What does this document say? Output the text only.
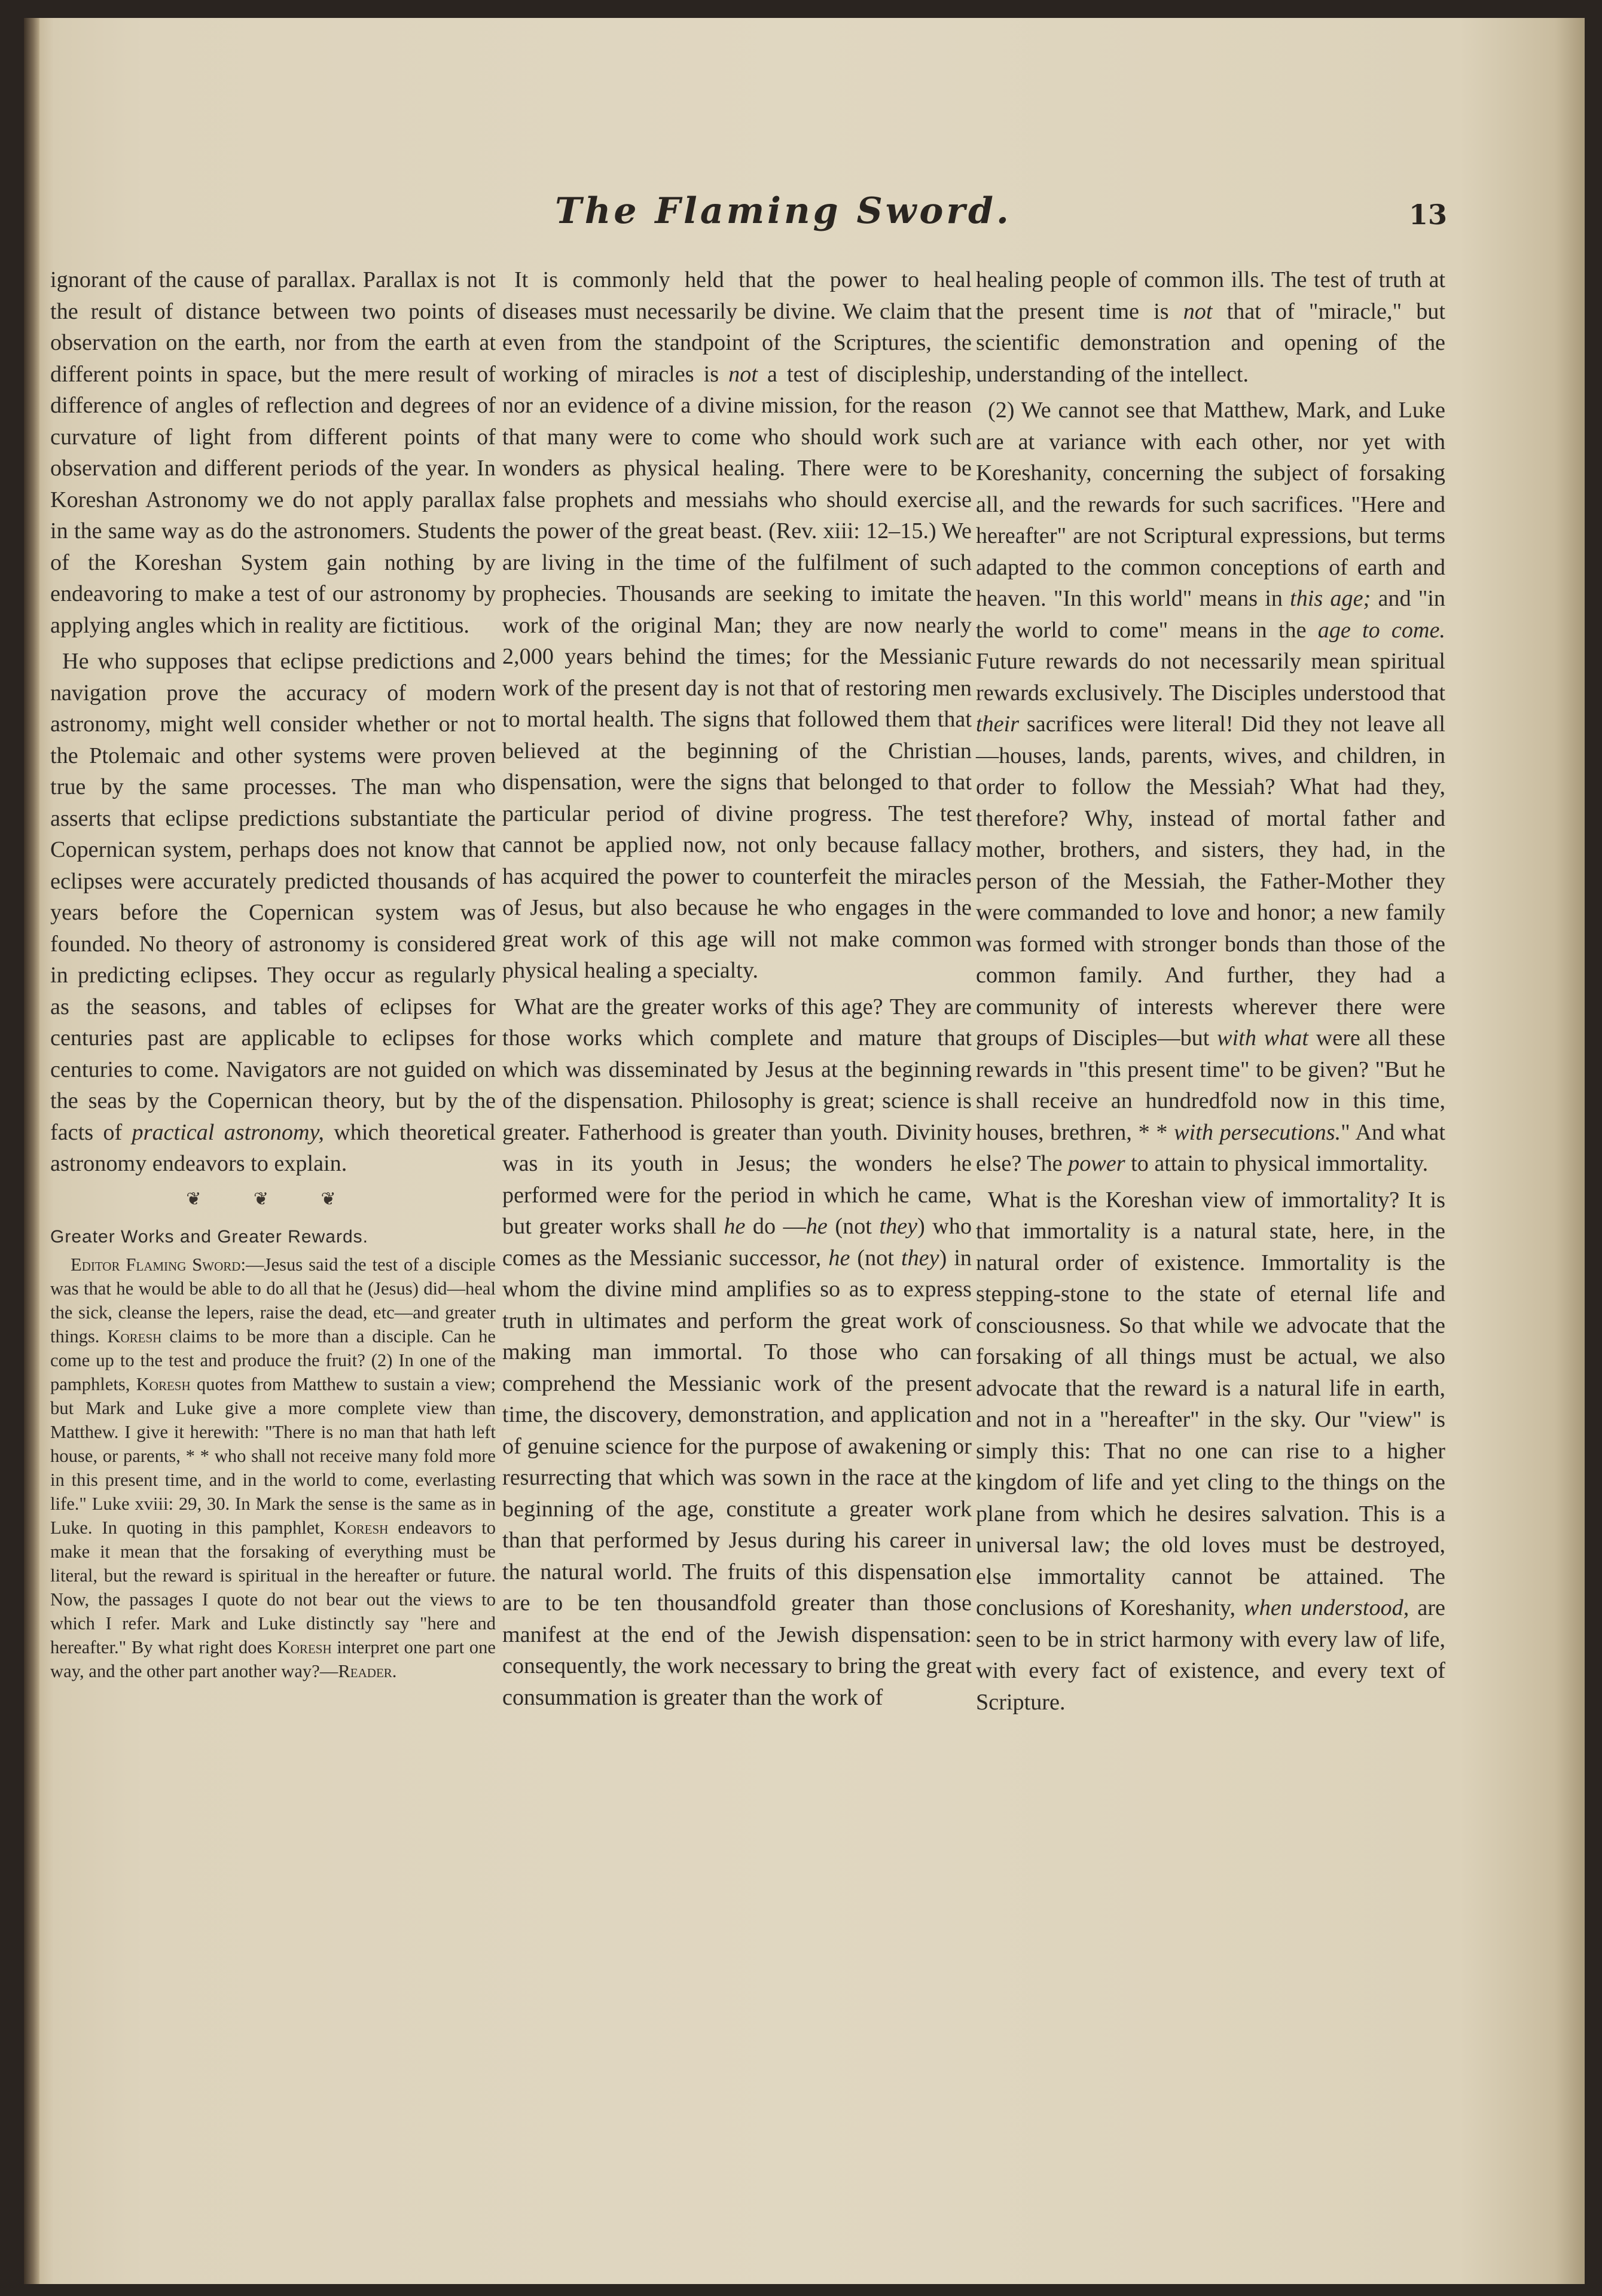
The Flaming Sword.	13

ignorant of the cause of parallax. Parallax is not the result of distance between two points of observation on the earth, nor from the earth at different points in space, but the mere result of difference of angles of reflection and degrees of curvature of light from different points of observation and different periods of the year. In Koreshan Astronomy we do not apply parallax in the same way as do the astronomers. Students of the Koreshan System gain nothing by endeavoring to make a test of our astronomy by applying angles which in reality are fictitious.

He who supposes that eclipse predictions and navigation prove the accuracy of modern astronomy, might well consider whether or not the Ptolemaic and other systems were proven true by the same processes. The man who asserts that eclipse predictions substantiate the Copernican system, perhaps does not know that eclipses were accurately predicted thousands of years before the Copernican system was founded. No theory of astronomy is considered in predicting eclipses. They occur as regularly as the seasons, and tables of eclipses for centuries past are applicable to eclipses for centuries to come. Navigators are not guided on the seas by the Copernican theory, but by the facts of practical astronomy, which theoretical astronomy endeavors to explain.

❦ ❦ ❦

Greater Works and Greater Rewards.

Editor Flaming Sword:—Jesus said the test of a disciple was that he would be able to do all that he (Jesus) did—heal the sick, cleanse the lepers, raise the dead, etc—and greater things. Koresh claims to be more than a disciple. Can he come up to the test and produce the fruit? (2) In one of the pamphlets, Koresh quotes from Matthew to sustain a view; but Mark and Luke give a more complete view than Matthew. I give it herewith: "There is no man that hath left house, or parents, * * who shall not receive many fold more in this present time, and in the world to come, everlasting life." Luke xviii: 29, 30. In Mark the sense is the same as in Luke. In quoting in this pamphlet, Koresh endeavors to make it mean that the forsaking of everything must be literal, but the reward is spiritual in the hereafter or future. Now, the passages I quote do not bear out the views to which I refer. Mark and Luke distinctly say "here and hereafter." By what right does Koresh interpret one part one way, and the other part another way?—Reader.

It is commonly held that the power to heal diseases must necessarily be divine. We claim that even from the standpoint of the Scriptures, the working of miracles is not a test of discipleship, nor an evidence of a divine mission, for the reason that many were to come who should work such wonders as physical healing. There were to be false prophets and messiahs who should exercise the power of the great beast. (Rev. xiii: 12–15.) We are living in the time of the fulfilment of such prophecies. Thousands are seeking to imitate the work of the original Man; they are now nearly 2,000 years behind the times; for the Messianic work of the present day is not that of restoring men to mortal health. The signs that followed them that believed at the beginning of the Christian dispensation, were the signs that belonged to that particular period of divine progress. The test cannot be applied now, not only because fallacy has acquired the power to counterfeit the miracles of Jesus, but also because he who engages in the great work of this age will not make common physical healing a specialty.

What are the greater works of this age? They are those works which complete and mature that which was disseminated by Jesus at the beginning of the dispensation. Philosophy is great; science is greater. Fatherhood is greater than youth. Divinity was in its youth in Jesus; the wonders he performed were for the period in which he came, but greater works shall he do —he (not they) who comes as the Messianic successor, he (not they) in whom the divine mind amplifies so as to express truth in ultimates and perform the great work of making man immortal. To those who can comprehend the Messianic work of the present time, the discovery, demonstration, and application of genuine science for the purpose of awakening or resurrecting that which was sown in the race at the beginning of the age, constitute a greater work than that performed by Jesus during his career in the natural world. The fruits of this dispensation are to be ten thousandfold greater than those manifest at the end of the Jewish dispensation: consequently, the work necessary to bring the great consummation is greater than the work of

healing people of common ills. The test of truth at the present time is not that of "miracle," but scientific demonstration and opening of the understanding of the intellect.

(2) We cannot see that Matthew, Mark, and Luke are at variance with each other, nor yet with Koreshanity, concerning the subject of forsaking all, and the rewards for such sacrifices. "Here and hereafter" are not Scriptural expressions, but terms adapted to the common conceptions of earth and heaven. "In this world" means in this age; and "in the world to come" means in the age to come. Future rewards do not necessarily mean spiritual rewards exclusively. The Disciples understood that their sacrifices were literal! Did they not leave all—houses, lands, parents, wives, and children, in order to follow the Messiah? What had they, therefore? Why, instead of mortal father and mother, brothers, and sisters, they had, in the person of the Messiah, the Father-Mother they were commanded to love and honor; a new family was formed with stronger bonds than those of the common family. And further, they had a community of interests wherever there were groups of Disciples—but with what were all these rewards in "this present time" to be given? "But he shall receive an hundredfold now in this time, houses, brethren, * * with persecutions." And what else? The power to attain to physical immortality.

What is the Koreshan view of immortality? It is that immortality is a natural state, here, in the natural order of existence. Immortality is the stepping-stone to the state of eternal life and consciousness. So that while we advocate that the forsaking of all things must be actual, we also advocate that the reward is a natural life in earth, and not in a "hereafter" in the sky. Our "view" is simply this: That no one can rise to a higher kingdom of life and yet cling to the things on the plane from which he desires salvation. This is a universal law; the old loves must be destroyed, else immortality cannot be attained. The conclusions of Koreshanity, when understood, are seen to be in strict harmony with every law of life, with every fact of existence, and every text of Scripture.
